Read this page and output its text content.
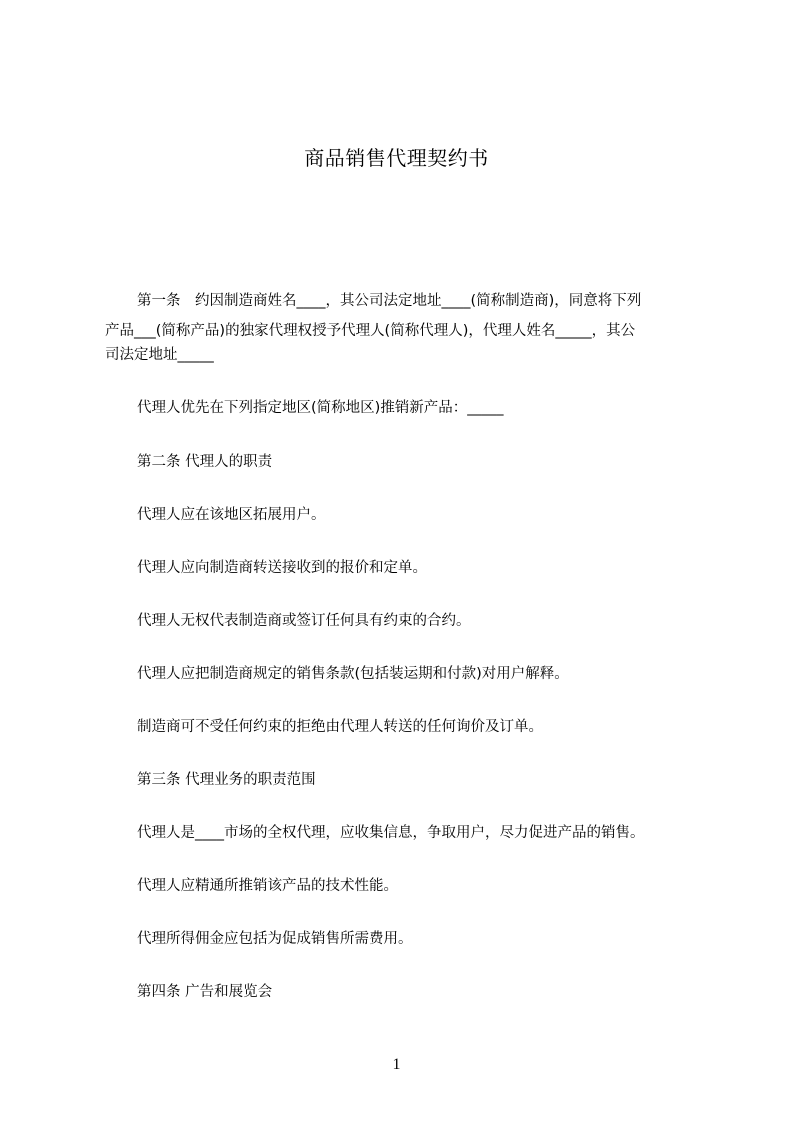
商品销售代理契约书
第一条　约因制造商姓名____，其公司法定地址____(简称制造商)，同意将下列
产品___(简称产品)的独家代理权授予代理人(简称代理人)，代理人姓名_____，其公
司法定地址_____
代理人优先在下列指定地区(简称地区)推销新产品：_____
第二条 代理人的职责
代理人应在该地区拓展用户。
代理人应向制造商转送接收到的报价和定单。
代理人无权代表制造商或签订任何具有约束的合约。
代理人应把制造商规定的销售条款(包括装运期和付款)对用户解释。
制造商可不受任何约束的拒绝由代理人转送的任何询价及订单。
第三条 代理业务的职责范围
代理人是____市场的全权代理，应收集信息，争取用户，尽力促进产品的销售。
代理人应精通所推销该产品的技术性能。
代理所得佣金应包括为促成销售所需费用。
第四条 广告和展览会
1
